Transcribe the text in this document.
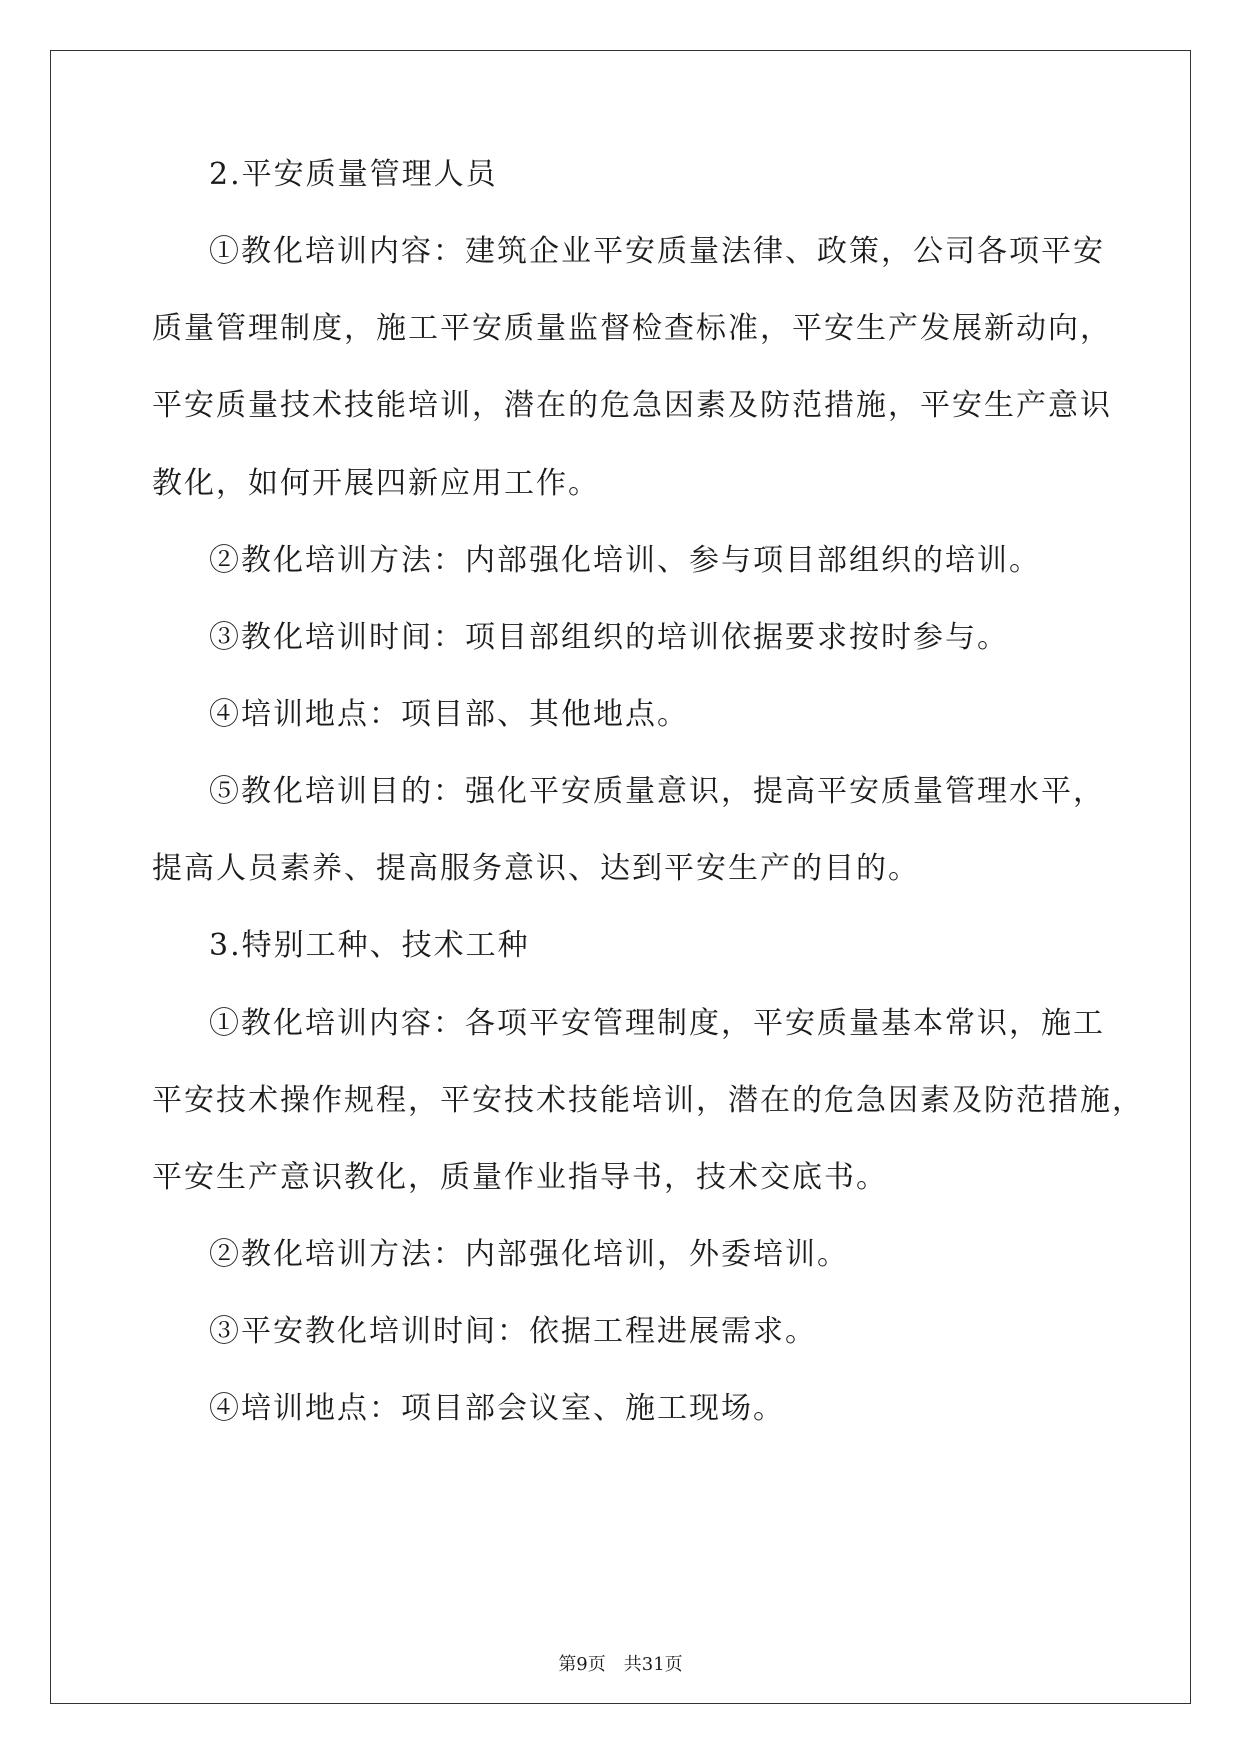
2.平安质量管理人员
①教化培训内容：建筑企业平安质量法律、政策，公司各项平安
质量管理制度，施工平安质量监督检查标准，平安生产发展新动向，
平安质量技术技能培训，潜在的危急因素及防范措施，平安生产意识
教化，如何开展四新应用工作。
②教化培训方法：内部强化培训、参与项目部组织的培训。
③教化培训时间：项目部组织的培训依据要求按时参与。
④培训地点：项目部、其他地点。
⑤教化培训目的：强化平安质量意识，提高平安质量管理水平，
提高人员素养、提高服务意识、达到平安生产的目的。
3.特别工种、技术工种
①教化培训内容：各项平安管理制度，平安质量基本常识，施工
平安技术操作规程，平安技术技能培训，潜在的危急因素及防范措施，
平安生产意识教化，质量作业指导书，技术交底书。
②教化培训方法：内部强化培训，外委培训。
③平安教化培训时间：依据工程进展需求。
④培训地点：项目部会议室、施工现场。
第9页 共31页
